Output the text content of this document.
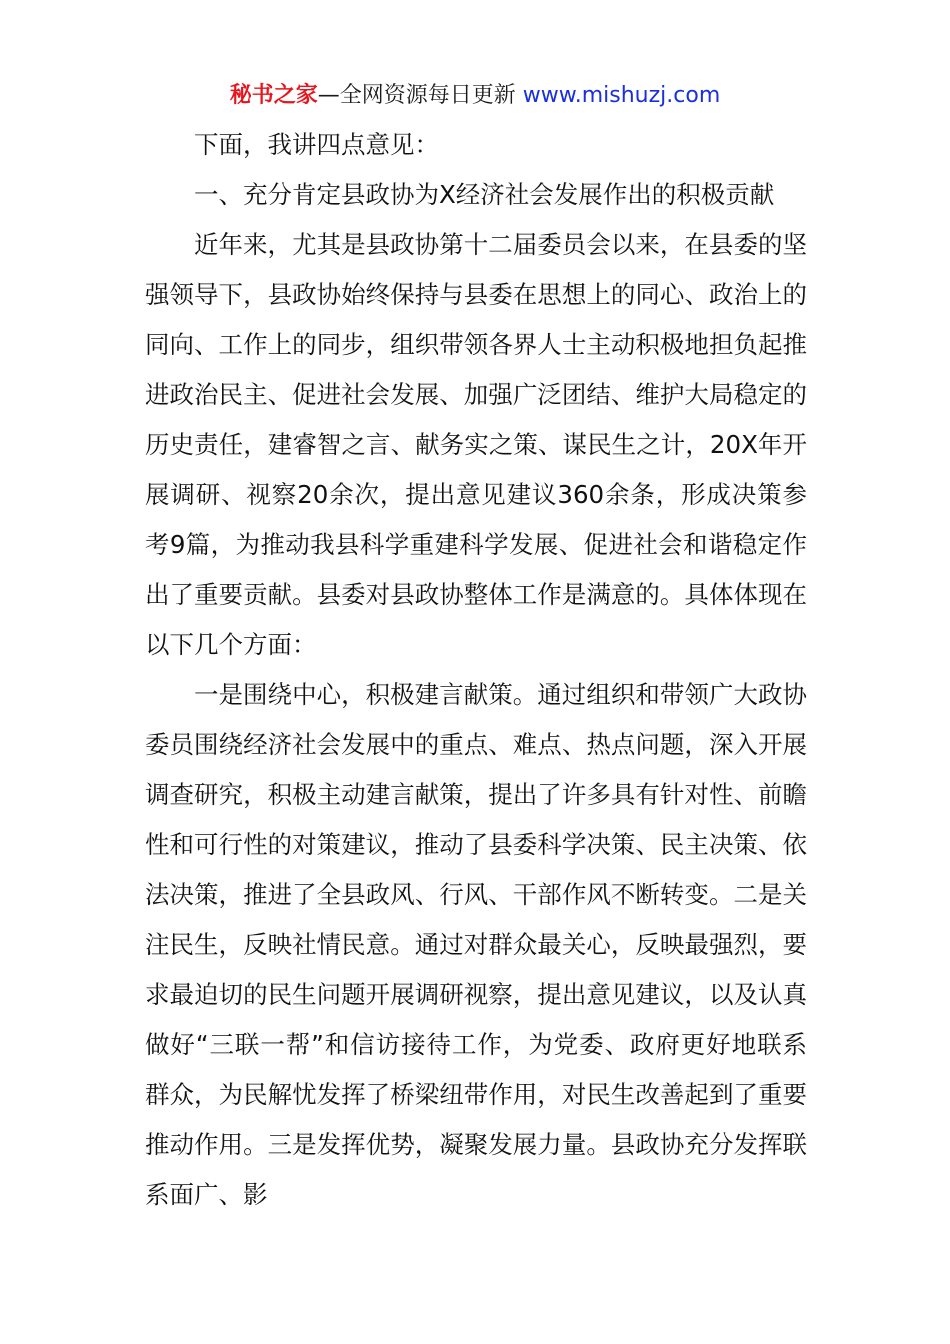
秘书之家—全网资源每日更新 www.mishuzj.com

下面，我讲四点意见：

一、充分肯定县政协为X经济社会发展作出的积极贡献

近年来，尤其是县政协第十二届委员会以来，在县委的坚强领导下，县政协始终保持与县委在思想上的同心、政治上的同向、工作上的同步，组织带领各界人士主动积极地担负起推进政治民主、促进社会发展、加强广泛团结、维护大局稳定的历史责任，建睿智之言、献务实之策、谋民生之计，20X年开展调研、视察20余次，提出意见建议360余条，形成决策参考9篇，为推动我县科学重建科学发展、促进社会和谐稳定作出了重要贡献。县委对县政协整体工作是满意的。具体体现在以下几个方面：

一是围绕中心，积极建言献策。通过组织和带领广大政协委员围绕经济社会发展中的重点、难点、热点问题，深入开展调查研究，积极主动建言献策，提出了许多具有针对性、前瞻性和可行性的对策建议，推动了县委科学决策、民主决策、依法决策，推进了全县政风、行风、干部作风不断转变。二是关注民生，反映社情民意。通过对群众最关心，反映最强烈，要求最迫切的民生问题开展调研视察，提出意见建议，以及认真做好“三联一帮”和信访接待工作，为党委、政府更好地联系群众，为民解忧发挥了桥梁纽带作用，对民生改善起到了重要推动作用。三是发挥优势，凝聚发展力量。县政协充分发挥联系面广、影
